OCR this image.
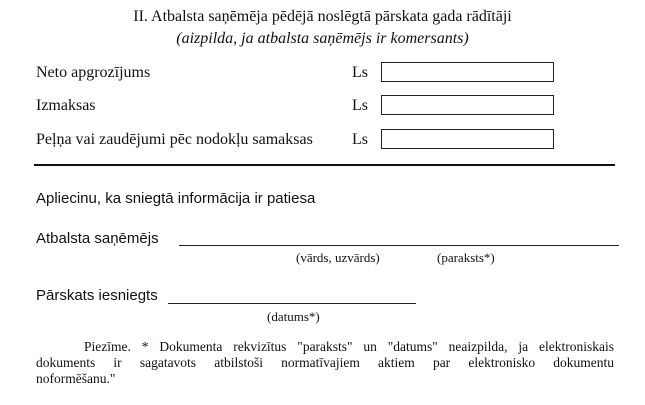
II. Atbalsta saņēmēja pēdējā noslēgtā pārskata gada rādītāji
(aizpilda, ja atbalsta saņēmējs ir komersants)
Neto apgrozījums	Ls
Izmaksas	Ls
Peļņa vai zaudējumi pēc nodokļu samaksas Ls
Apliecinu, ka sniegtā informācija ir patiesa
Atbalsta saņēmējs
(vārds, uzvārds)	(paraksts*)
Pārskats iesniegts
(datums*)
Piezīme. * Dokumenta rekvizītus "paraksts" un "datums" neaizpilda, ja elektroniskais
dokuments ir sagatavots atbilstoši normatīvajiem aktiem par elektronisko dokumentu
noformēšanu."
